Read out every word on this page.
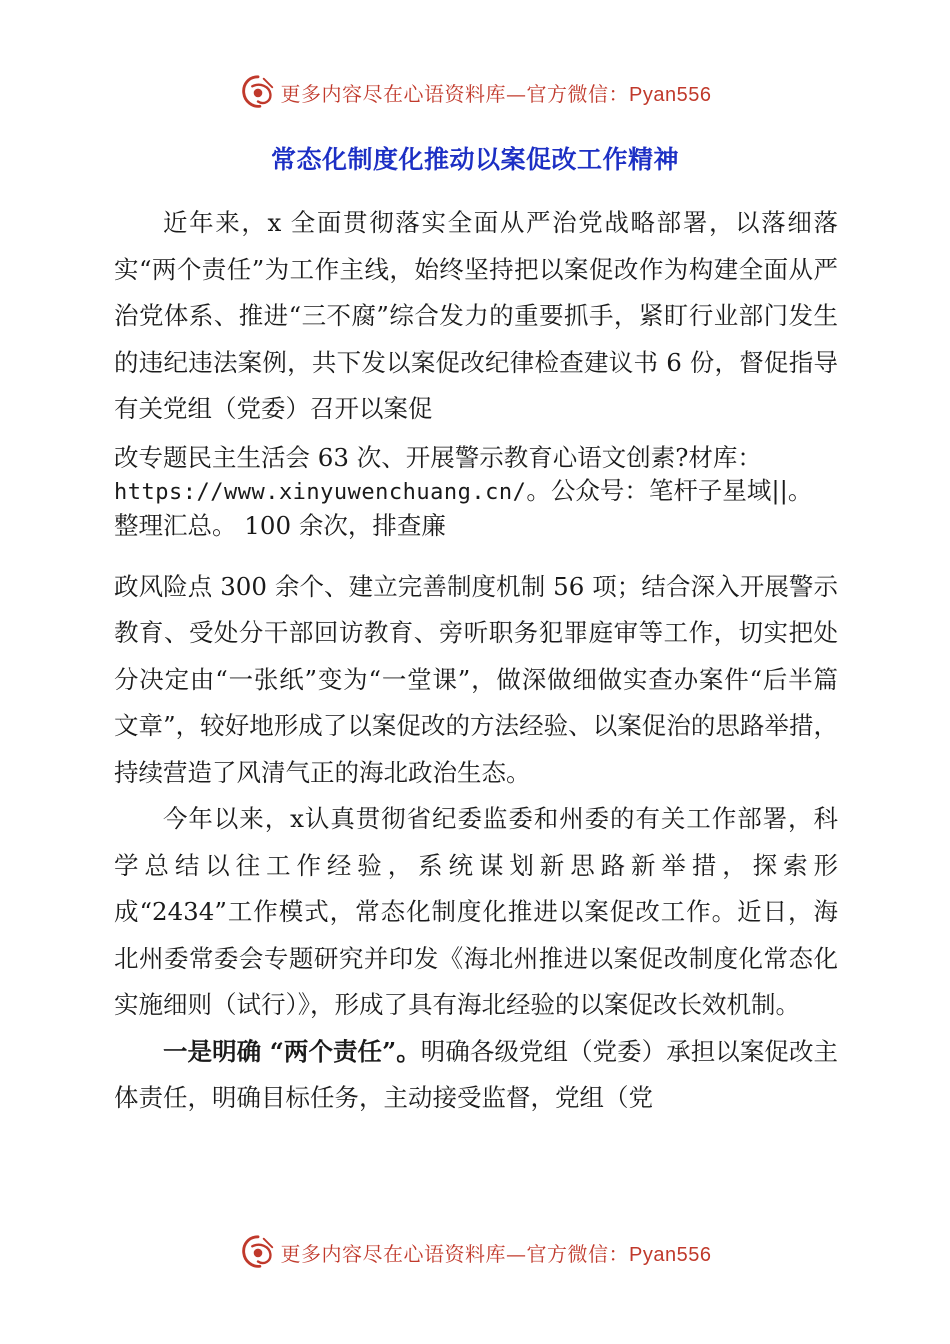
更多内容尽在心语资料库—官方微信：Pyan556
常态化制度化推动以案促改工作精神

近年来，x 全面贯彻落实全面从严治党战略部署，以落细落实“两个责任”为工作主线，始终坚持把以案促改作为构建全面从严治党体系、推进“三不腐”综合发力的重要抓手，紧盯行业部门发生的违纪违法案例，共下发以案促改纪律检查建议书 6 份，督促指导有关党组（党委）召开以案促

改专题民主生活会 63 次、开展警示教育心语文创素?材库：
https://www.xinyuwenchuang.cn/。公众号：笔杆子星域||。
整理汇总。 100 余次，排查廉

政风险点 300 余个、建立完善制度机制 56 项；结合深入开展警示教育、受处分干部回访教育、旁听职务犯罪庭审等工作，切实把处分决定由“一张纸”变为“一堂课”，做深做细做实查办案件“后半篇文章”，较好地形成了以案促改的方法经验、以案促治的思路举措，持续营造了风清气正的海北政治生态。

今年以来，x认真贯彻省纪委监委和州委的有关工作部署，科学总结以往工作经验，系统谋划新思路新举措，探索形成“2434”工作模式，常态化制度化推进以案促改工作。近日，海北州委常委会专题研究并印发《海北州推进以案促改制度化常态化实施细则（试行）》，形成了具有海北经验的以案促改长效机制。

一是明确 “两个责任”。明确各级党组（党委）承担以案促改主体责任，明确目标任务，主动接受监督，党组（党

更多内容尽在心语资料库—官方微信：Pyan556
